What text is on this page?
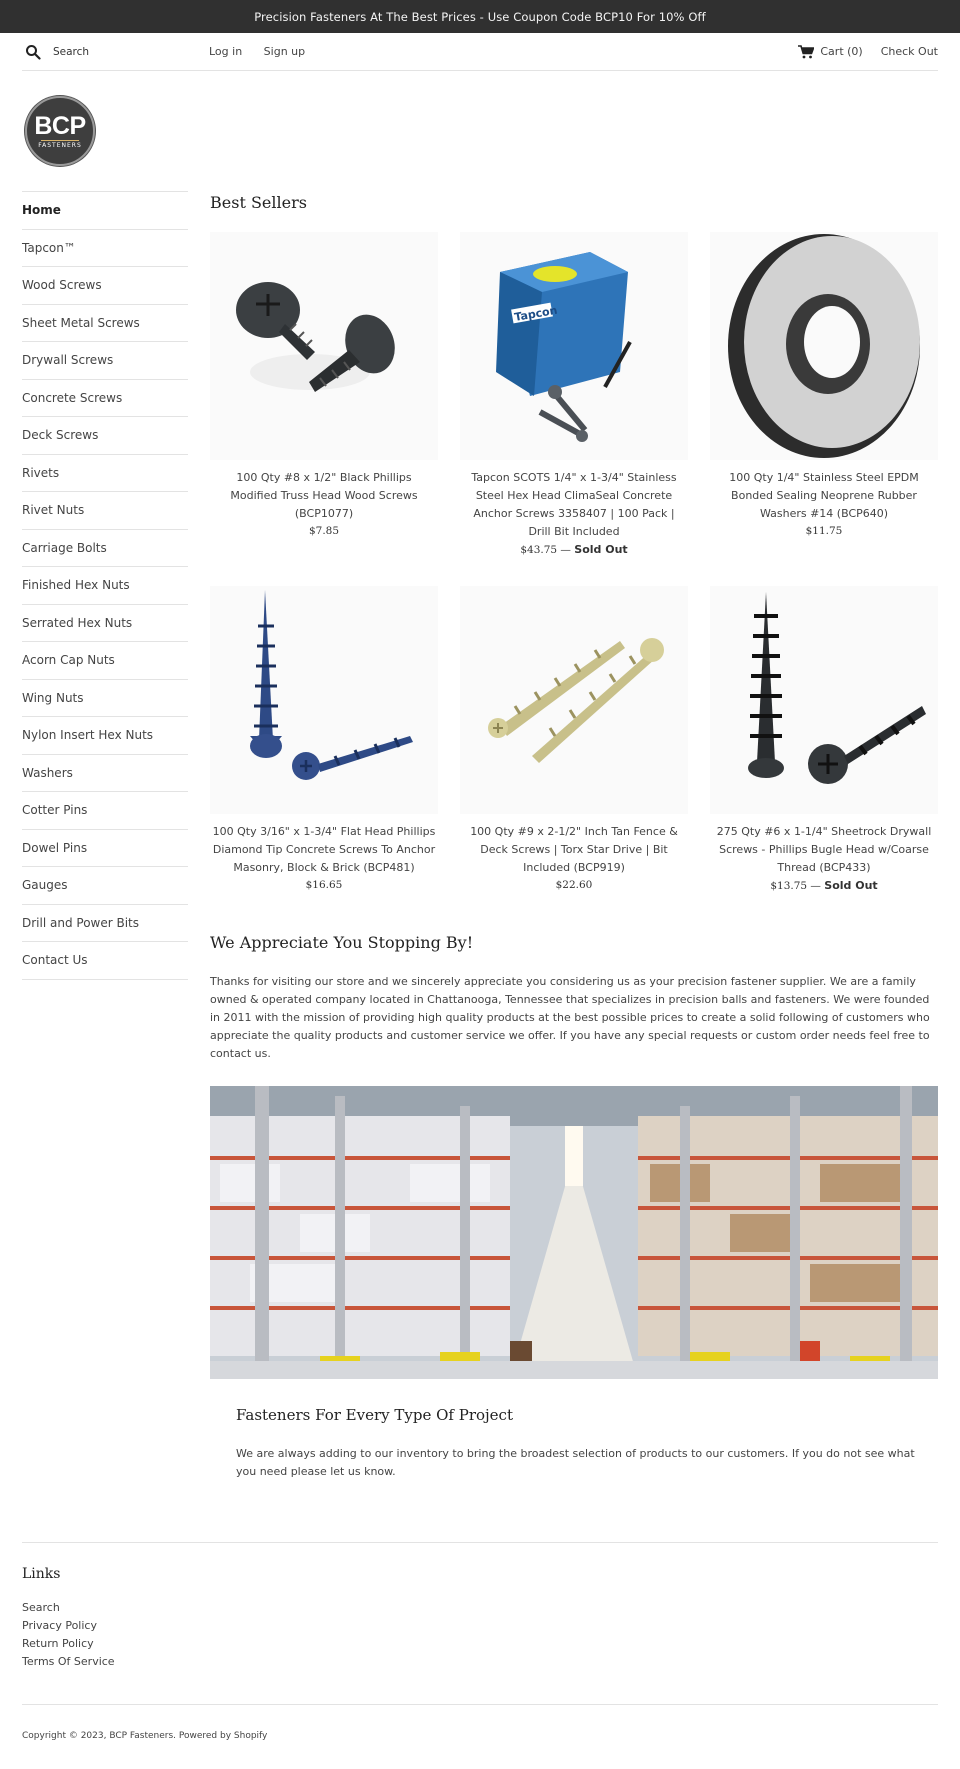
Precision Fasteners At The Best Prices - Use Coupon Code BCP10 For 10% Off
Search
Log in Sign up	Cart (0) Check Out
BCP
FASTENERS
Home
Tapcon™
Wood Screws
Sheet Metal Screws
Drywall Screws
Concrete Screws
Deck Screws
Rivets
Rivet Nuts
Carriage Bolts
Finished Hex Nuts
Serrated Hex Nuts
Acorn Cap Nuts
Wing Nuts
Nylon Insert Hex Nuts
Washers
Cotter Pins
Dowel Pins
Gauges
Drill and Power Bits
Contact Us
Best Sellers
100 Qty #8 x 1/2" Black Phillips Modified Truss Head Wood Screws (BCP1077)
$7.85
Tapcon
Tapcon SCOTS 1/4" x 1-3/4" Stainless Steel Hex Head ClimaSeal Concrete Anchor Screws 3358407 | 100 Pack | Drill Bit Included
$43.75 — Sold Out
100 Qty 1/4" Stainless Steel EPDM Bonded Sealing Neoprene Rubber Washers #14 (BCP640)
$11.75
100 Qty 3/16" x 1-3/4" Flat Head Phillips Diamond Tip Concrete Screws To Anchor Masonry, Block & Brick (BCP481)
$16.65
100 Qty #9 x 2-1/2" Inch Tan Fence & Deck Screws | Torx Star Drive | Bit Included (BCP919)
$22.60
275 Qty #6 x 1-1/4" Sheetrock Drywall Screws - Phillips Bugle Head w/Coarse Thread (BCP433)
$13.75 — Sold Out
We Appreciate You Stopping By!

Thanks for visiting our store and we sincerely appreciate you considering us as your precision fastener supplier. We are a family owned & operated company located in Chattanooga, Tennessee that specializes in precision balls and fasteners. We were founded in 2011 with the mission of providing high quality products at the best possible prices to create a solid following of customers who appreciate the quality products and customer service we offer. If you have any special requests or custom order needs feel free to contact us.

Fasteners For Every Type Of Project

We are always adding to our inventory to bring the broadest selection of products to our customers. If you do not see what you need please let us know.

Links
Search
Privacy Policy
Return Policy
Terms Of Service
Copyright © 2023, BCP Fasteners. Powered by Shopify
